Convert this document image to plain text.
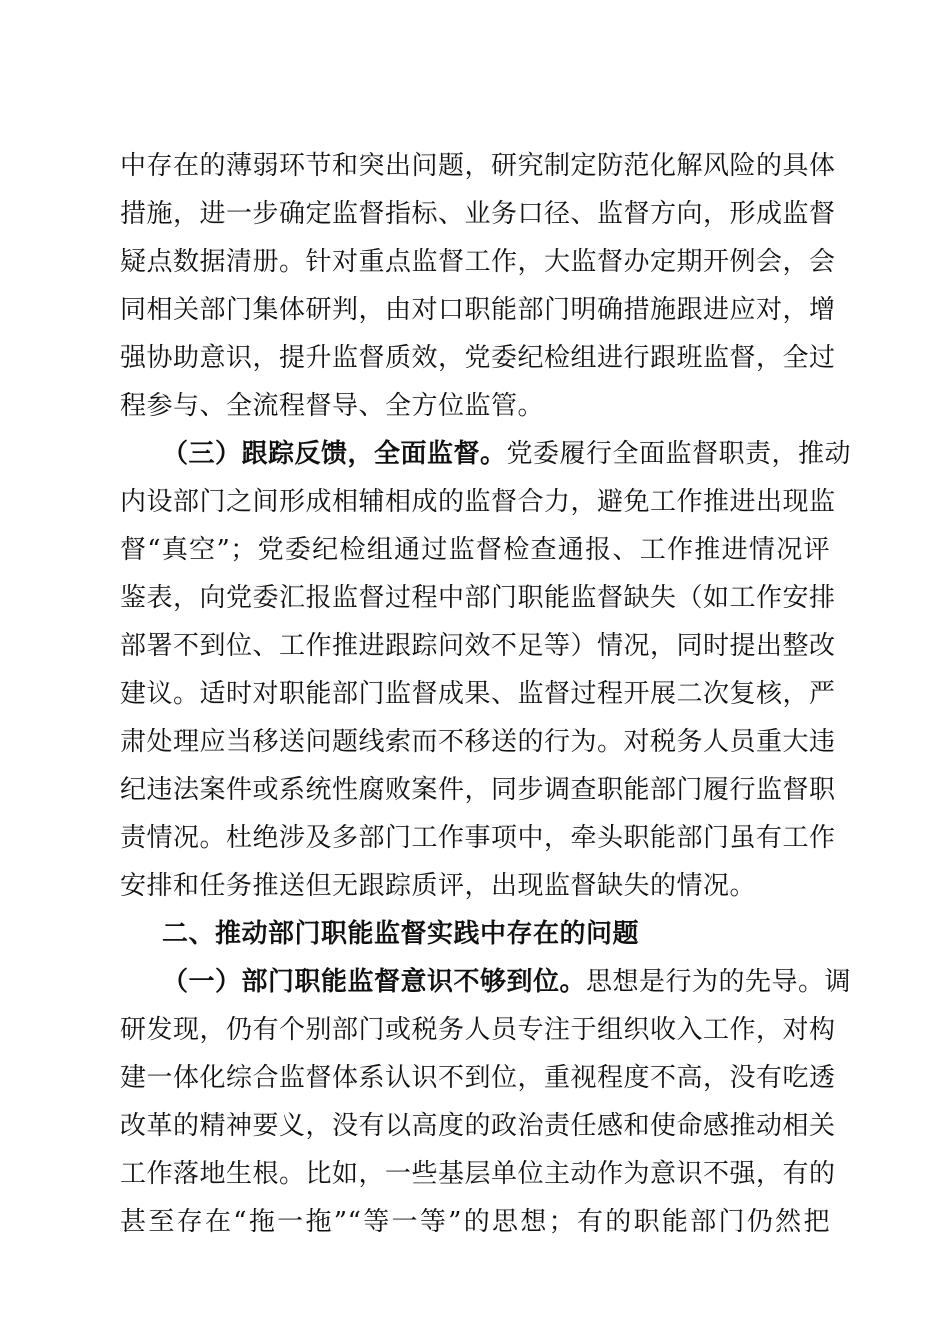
中存在的薄弱环节和突出问题，研究制定防范化解风险的具体
措施，进一步确定监督指标、业务口径、监督方向，形成监督
疑点数据清册。针对重点监督工作，大监督办定期开例会，会
同相关部门集体研判，由对口职能部门明确措施跟进应对，增
强协助意识，提升监督质效，党委纪检组进行跟班监督，全过
程参与、全流程督导、全方位监管。
（三）跟踪反馈，全面监督。党委履行全面监督职责，推动
内设部门之间形成相辅相成的监督合力，避免工作推进出现监
督“真空”；党委纪检组通过监督检查通报、工作推进情况评
鉴表，向党委汇报监督过程中部门职能监督缺失（如工作安排
部署不到位、工作推进跟踪问效不足等）情况，同时提出整改
建议。适时对职能部门监督成果、监督过程开展二次复核，严
肃处理应当移送问题线索而不移送的行为。对税务人员重大违
纪违法案件或系统性腐败案件，同步调查职能部门履行监督职
责情况。杜绝涉及多部门工作事项中，牵头职能部门虽有工作
安排和任务推送但无跟踪质评，出现监督缺失的情况。
二、推动部门职能监督实践中存在的问题
（一）部门职能监督意识不够到位。思想是行为的先导。调
研发现，仍有个别部门或税务人员专注于组织收入工作，对构
建一体化综合监督体系认识不到位，重视程度不高，没有吃透
改革的精神要义，没有以高度的政治责任感和使命感推动相关
工作落地生根。比如，一些基层单位主动作为意识不强，有的
甚至存在“拖一拖”“等一等”的思想；有的职能部门仍然把
